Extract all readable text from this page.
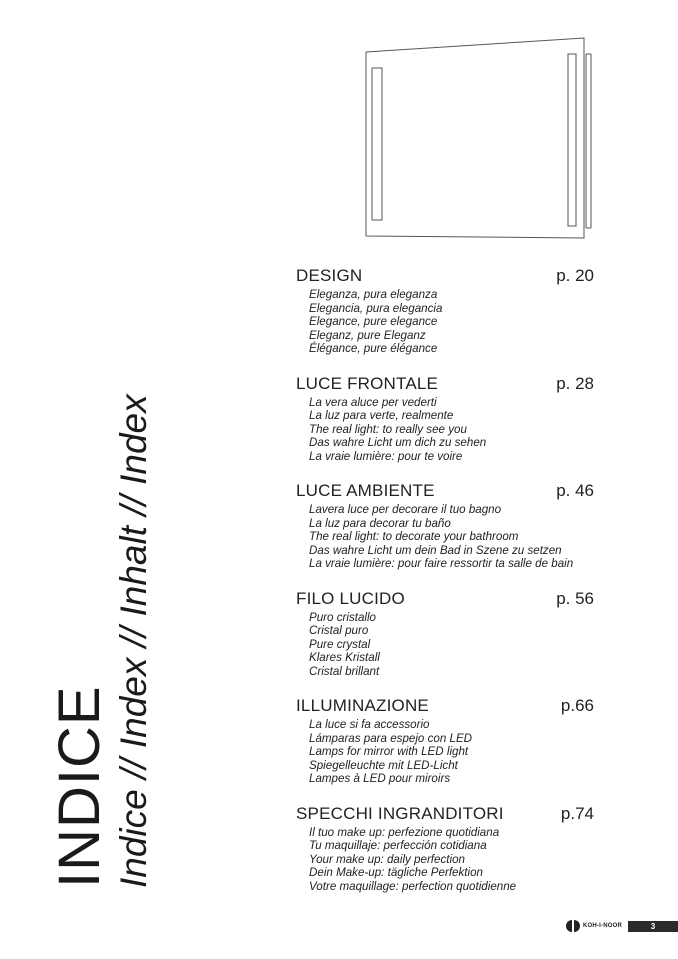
INDICE Indice // Index // Inhalt // Index
DESIGN	p. 20
Eleganza, pura eleganza
Elegancia, pura elegancia
Elegance, pure elegance
Eleganz, pure Eleganz
Élégance, pure élégance
LUCE FRONTALE	p. 28
La vera aluce per vederti
La luz para verte, realmente
The real light: to really see you
Das wahre Licht um dich zu sehen
La vraie lumière: pour te voire
LUCE AMBIENTE	p. 46
Lavera luce per decorare il tuo bagno
La luz para decorar tu baño
The real light: to decorate your bathroom
Das wahre Licht um dein Bad in Szene zu setzen
La vraie lumière: pour faire ressortir ta salle de bain
FILO LUCIDO	p. 56
Puro cristallo
Cristal puro
Pure crystal
Klares Kristall
Cristal brillant
ILLUMINAZIONE	p.66
La luce si fa accessorio
Lámparas para espejo con LED
Lamps for mirror with LED light
Spiegelleuchte mit LED-Licht
Lampes à LED pour miroirs
SPECCHI INGRANDITORI	p.74
Il tuo make up: perfezione quotidiana
Tu maquillaje: perfección cotidiana
Your make up: daily perfection
Dein Make-up: tägliche Perfektion
Votre maquillage: perfection quotidienne
KOH-I-NOOR	3
